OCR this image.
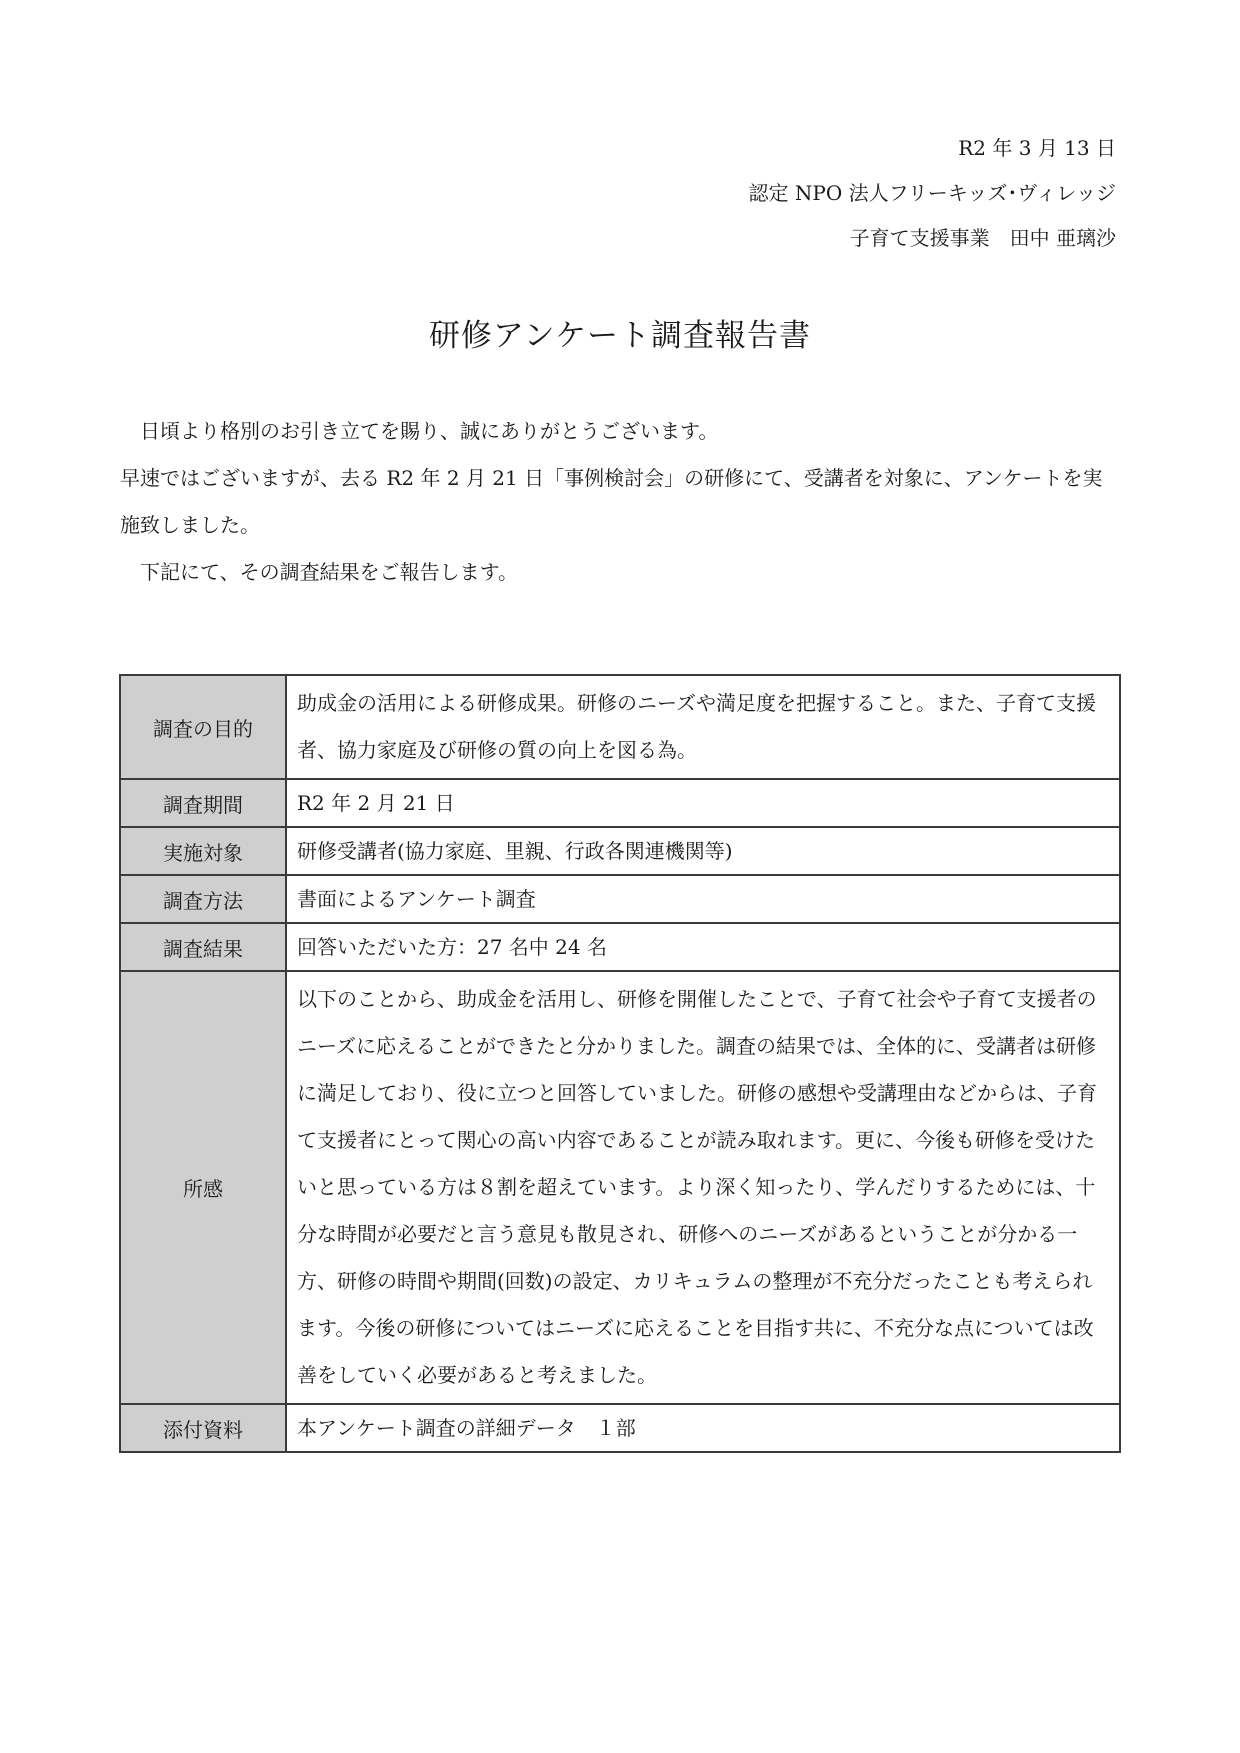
R2 年 3 月 13 日
認定 NPO 法人フリーキッズ･ヴィレッジ
子育て支援事業　田中 亜璃沙
研修アンケート調査報告書

日頃より格別のお引き立てを賜り、誠にありがとうございます。

早速ではございますが、去る R2 年 2 月 21 日「事例検討会」の研修にて、受講者を対象に、アンケートを実施致しました。

下記にて、その調査結果をご報告します。

調査の目的	助成金の活用による研修成果。研修のニーズや満足度を把握すること。また、子育て支援者、協力家庭及び研修の質の向上を図る為。
調査期間	R2 年 2 月 21 日
実施対象	研修受講者(協力家庭、里親、行政各関連機関等)
調査方法	書面によるアンケート調査
調査結果	回答いただいた方：27 名中 24 名
所感	以下のことから、助成金を活用し、研修を開催したことで、子育て社会や子育て支援者のニーズに応えることができたと分かりました。調査の結果では、全体的に、受講者は研修に満足しており、役に立つと回答していました。研修の感想や受講理由などからは、子育て支援者にとって関心の高い内容であることが読み取れます。更に、今後も研修を受けたいと思っている方は８割を超えています。より深く知ったり、学んだりするためには、十分な時間が必要だと言う意見も散見され、研修へのニーズがあるということが分かる一方、研修の時間や期間(回数)の設定、カリキュラムの整理が不充分だったことも考えられます。今後の研修についてはニーズに応えることを目指す共に、不充分な点については改善をしていく必要があると考えました。
添付資料	本アンケート調査の詳細データ　１部
